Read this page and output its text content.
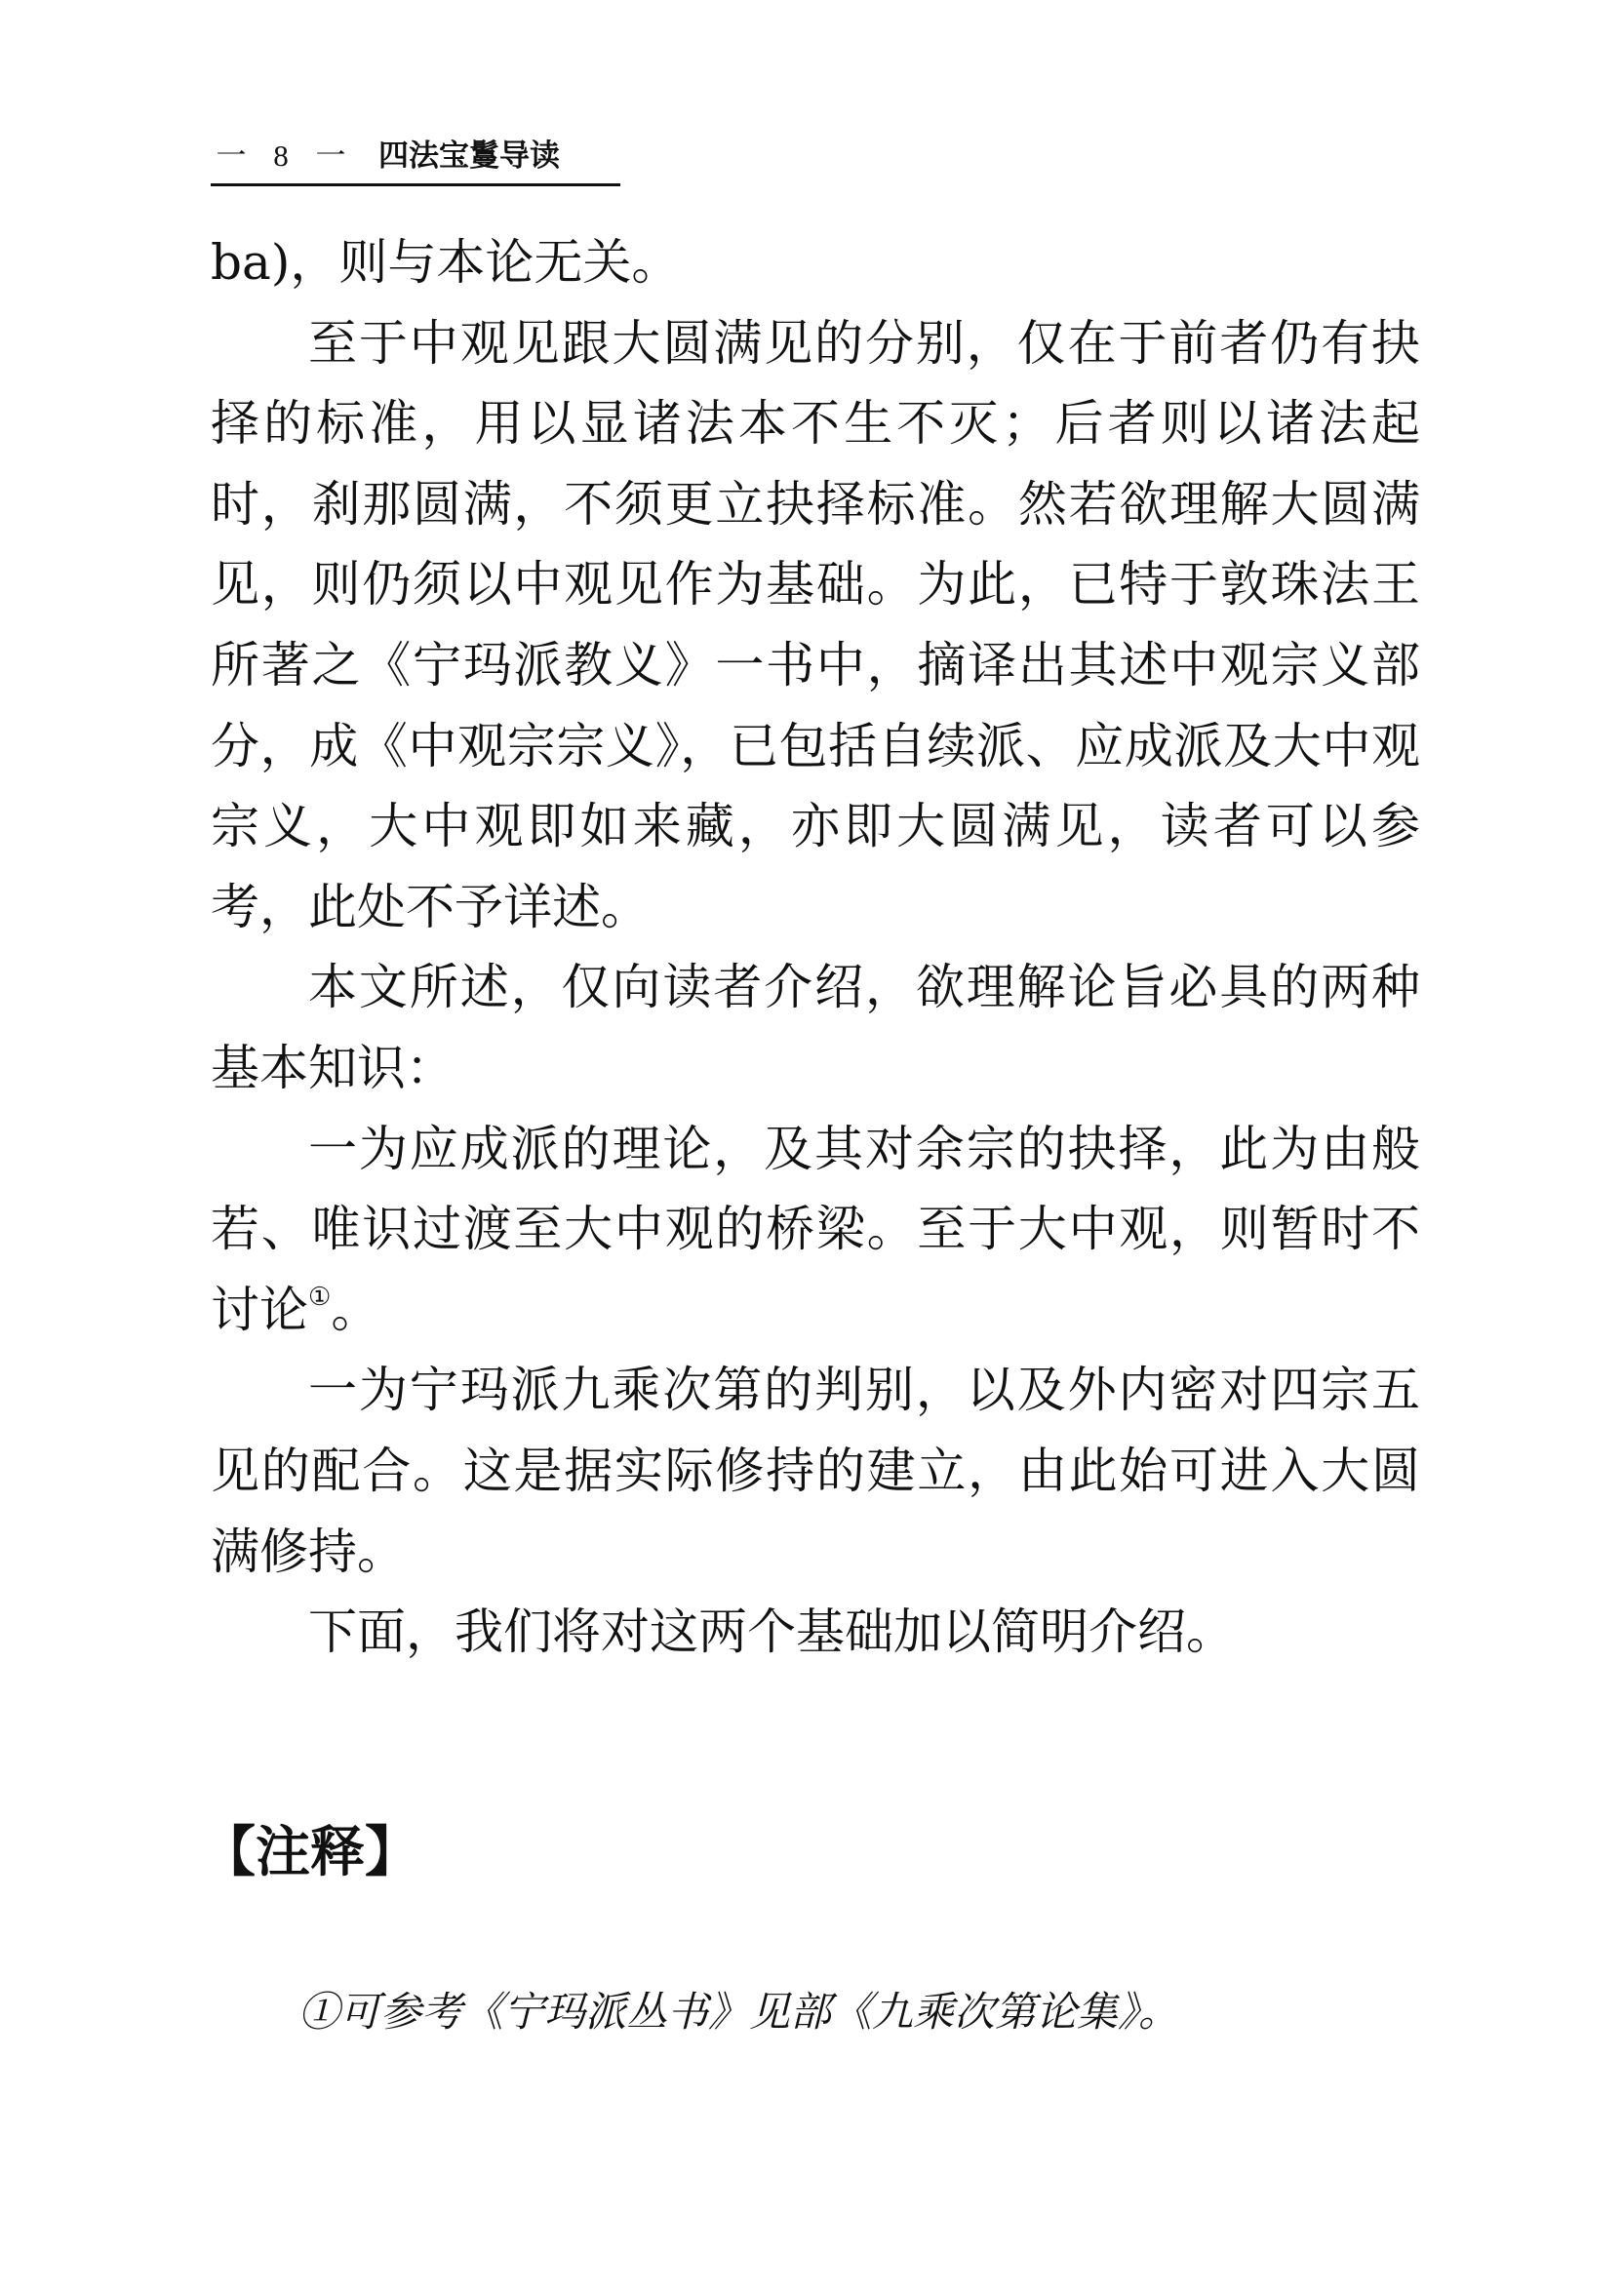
一 8 一 四法宝鬘导读

ba)，则与本论无关。

至于中观见跟大圆满见的分别，仅在于前者仍有抉择的标准，用以显诸法本不生不灭；后者则以诸法起时，刹那圆满，不须更立抉择标准。然若欲理解大圆满见，则仍须以中观见作为基础。为此，已特于敦珠法王所著之《宁玛派教义》一书中，摘译出其述中观宗义部分，成《中观宗宗义》，已包括自续派、应成派及大中观宗义，大中观即如来藏，亦即大圆满见，读者可以参考，此处不予详述。

本文所述，仅向读者介绍，欲理解论旨必具的两种基本知识：

一为应成派的理论，及其对余宗的抉择，此为由般若、唯识过渡至大中观的桥梁。至于大中观，则暂时不讨论①。

一为宁玛派九乘次第的判别，以及外内密对四宗五见的配合。这是据实际修持的建立，由此始可进入大圆满修持。

下面，我们将对这两个基础加以简明介绍。

【注释】
①可参考《宁玛派丛书》见部《九乘次第论集》。
